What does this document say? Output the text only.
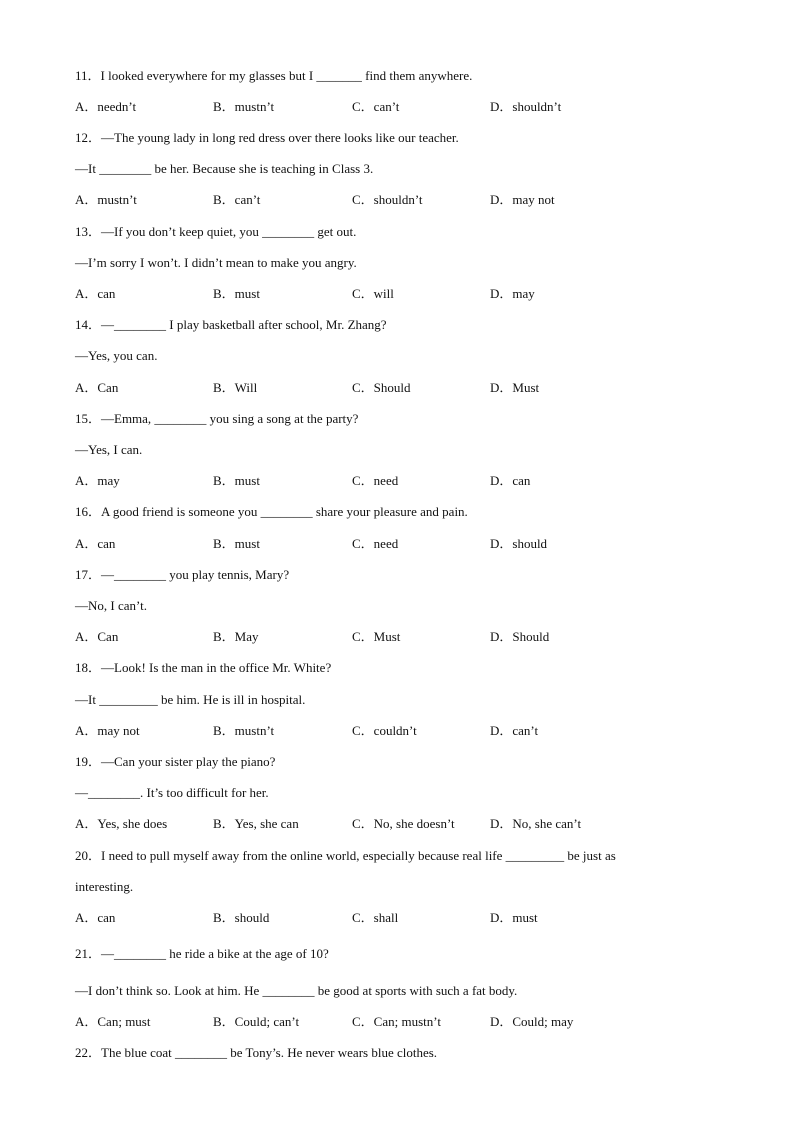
11．I looked everywhere for my glasses but I _______ find them anywhere.
A．needn’t	B．mustn’t	C．can’t	D．shouldn’t
12．—The young lady in long red dress over there looks like our teacher.
—It ________ be her. Because she is teaching in Class 3.
A．mustn’t	B．can’t	C．shouldn’t	D．may not
13．—If you don’t keep quiet, you ________ get out.
—I’m sorry I won’t. I didn’t mean to make you angry.
A．can	B．must	C．will	D．may
14．—________ I play basketball after school, Mr. Zhang?
—Yes, you can.
A．Can	B．Will	C．Should	D．Must
15．—Emma, ________ you sing a song at the party?
—Yes, I can.
A．may	B．must	C．need	D．can
16．A good friend is someone you ________ share your pleasure and pain.
A．can	B．must	C．need	D．should
17．—________ you play tennis, Mary?
—No, I can’t.
A．Can	B．May	C．Must	D．Should
18．—Look! Is the man in the office Mr. White?
—It _________ be him. He is ill in hospital.
A．may not	B．mustn’t	C．couldn’t	D．can’t
19．—Can your sister play the piano?
—________. It’s too difficult for her.
A．Yes, she does	B．Yes, she can	C．No, she doesn’t	D．No, she can’t
20．I need to pull myself away from the online world, especially because real life _________ be just as
interesting.
A．can	B．should	C．shall	D．must
21．—________ he ride a bike at the age of 10?
—I don’t think so. Look at him. He ________ be good at sports with such a fat body.
A．Can; must	B．Could; can’t	C．Can; mustn’t	D．Could; may
22．The blue coat ________ be Tony’s. He never wears blue clothes.
